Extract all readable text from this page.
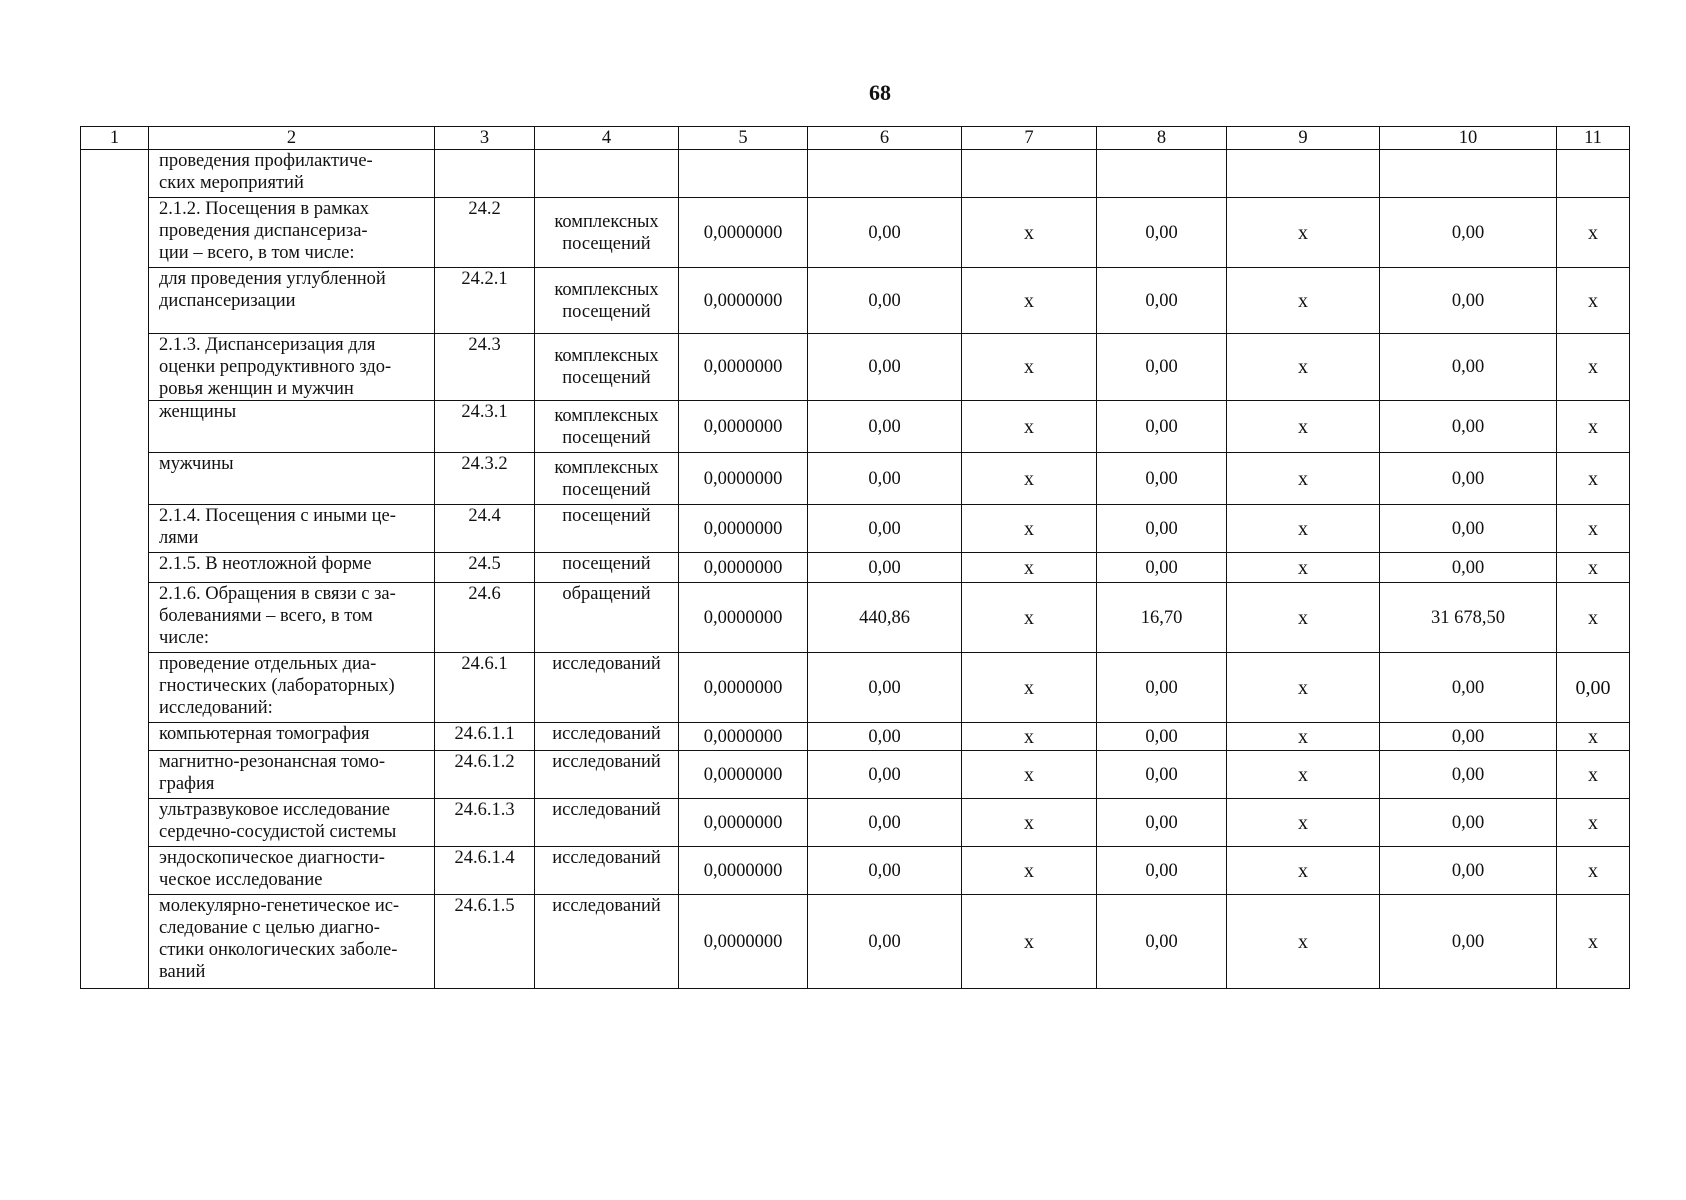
68
1	2	3	4	5	6	7	8	9	10	11
	проведения профилактиче-
ских мероприятий									
	2.1.2. Посещения в рамках
проведения диспансериза-
ции – всего, в том числе:	24.2	комплексных
посещений	0,0000000	0,00	х	0,00	х	0,00	х
	для проведения углубленной
диспансеризации	24.2.1	комплексных
посещений	0,0000000	0,00	х	0,00	х	0,00	х
	2.1.3. Диспансеризация для
оценки репродуктивного здо-
ровья женщин и мужчин	24.3	комплексных
посещений	0,0000000	0,00	х	0,00	х	0,00	х
	женщины	24.3.1	комплексных
посещений	0,0000000	0,00	х	0,00	х	0,00	х
	мужчины	24.3.2	комплексных
посещений	0,0000000	0,00	х	0,00	х	0,00	х
	2.1.4. Посещения с иными це-
лями	24.4	посещений	0,0000000	0,00	х	0,00	х	0,00	х
	2.1.5. В неотложной форме	24.5	посещений	0,0000000	0,00	х	0,00	х	0,00	х
	2.1.6. Обращения в связи с за-
болеваниями – всего, в том
числе:	24.6	обращений	0,0000000	440,86	х	16,70	х	31 678,50	х
	проведение отдельных диа-
гностических (лабораторных)
исследований:	24.6.1	исследований	0,0000000	0,00	х	0,00	х	0,00	0,00
	компьютерная томография	24.6.1.1	исследований	0,0000000	0,00	х	0,00	х	0,00	х
	магнитно-резонансная томо-
графия	24.6.1.2	исследований	0,0000000	0,00	х	0,00	х	0,00	х
	ультразвуковое исследование
сердечно-сосудистой системы	24.6.1.3	исследований	0,0000000	0,00	х	0,00	х	0,00	х
	эндоскопическое диагности-
ческое исследование	24.6.1.4	исследований	0,0000000	0,00	х	0,00	х	0,00	х
	молекулярно-генетическое ис-
следование с целью диагно-
стики онкологических заболе-
ваний	24.6.1.5	исследований	0,0000000	0,00	х	0,00	х	0,00	х
